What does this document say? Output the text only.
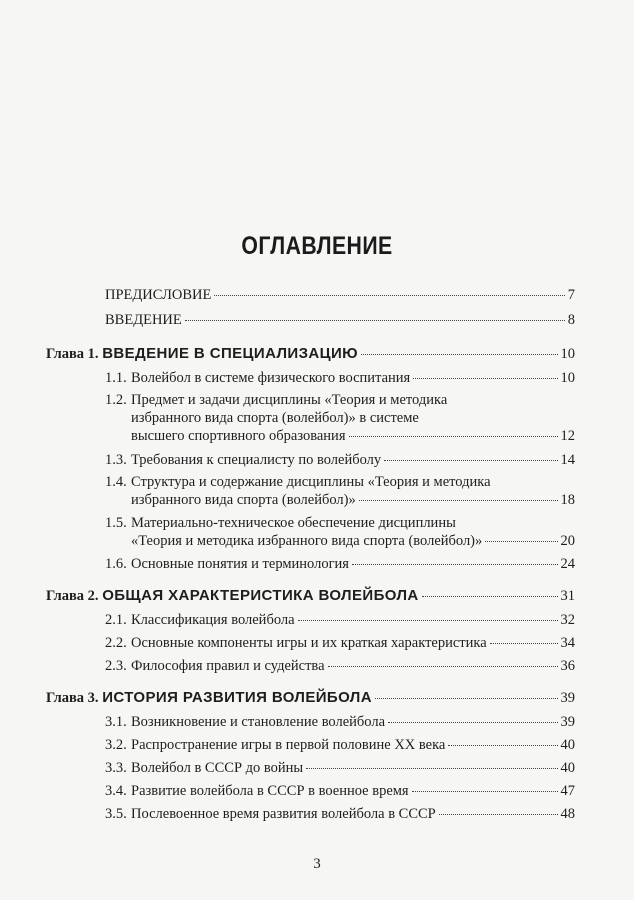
ОГЛАВЛЕНИЕ
ПРЕДИСЛОВИЕ	7
ВВЕДЕНИЕ	8
Глава 1.
ВВЕДЕНИЕ В СПЕЦИАЛИЗАЦИЮ	10
1.1. Волейбол в системе физического воспитания	10
1.2. Предмет и задачи дисциплины «Теория и методика
избранного вида спорта (волейбол)» в системе
высшего спортивного образования	12
1.3. Требования к специалисту по волейболу	14
1.4. Структура и содержание дисциплины «Теория и методика
избранного вида спорта (волейбол)»	18
1.5. Материально-техническое обеспечение дисциплины
«Теория и методика избранного вида спорта (волейбол)»	20
1.6. Основные понятия и терминология	24
Глава 2.
ОБЩАЯ ХАРАКТЕРИСТИКА ВОЛЕЙБОЛА	31
2.1. Классификация волейбола	32
2.2. Основные компоненты игры и их краткая характеристика	34
2.3. Философия правил и судейства	36
Глава 3.
ИСТОРИЯ РАЗВИТИЯ ВОЛЕЙБОЛА	39
3.1. Возникновение и становление волейбола	39
3.2. Распространение игры в первой половине XX века	40
3.3. Волейбол в СССР до войны	40
3.4. Развитие волейбола в СССР в военное время	47
3.5. Послевоенное время развития волейбола в СССР	48
3
